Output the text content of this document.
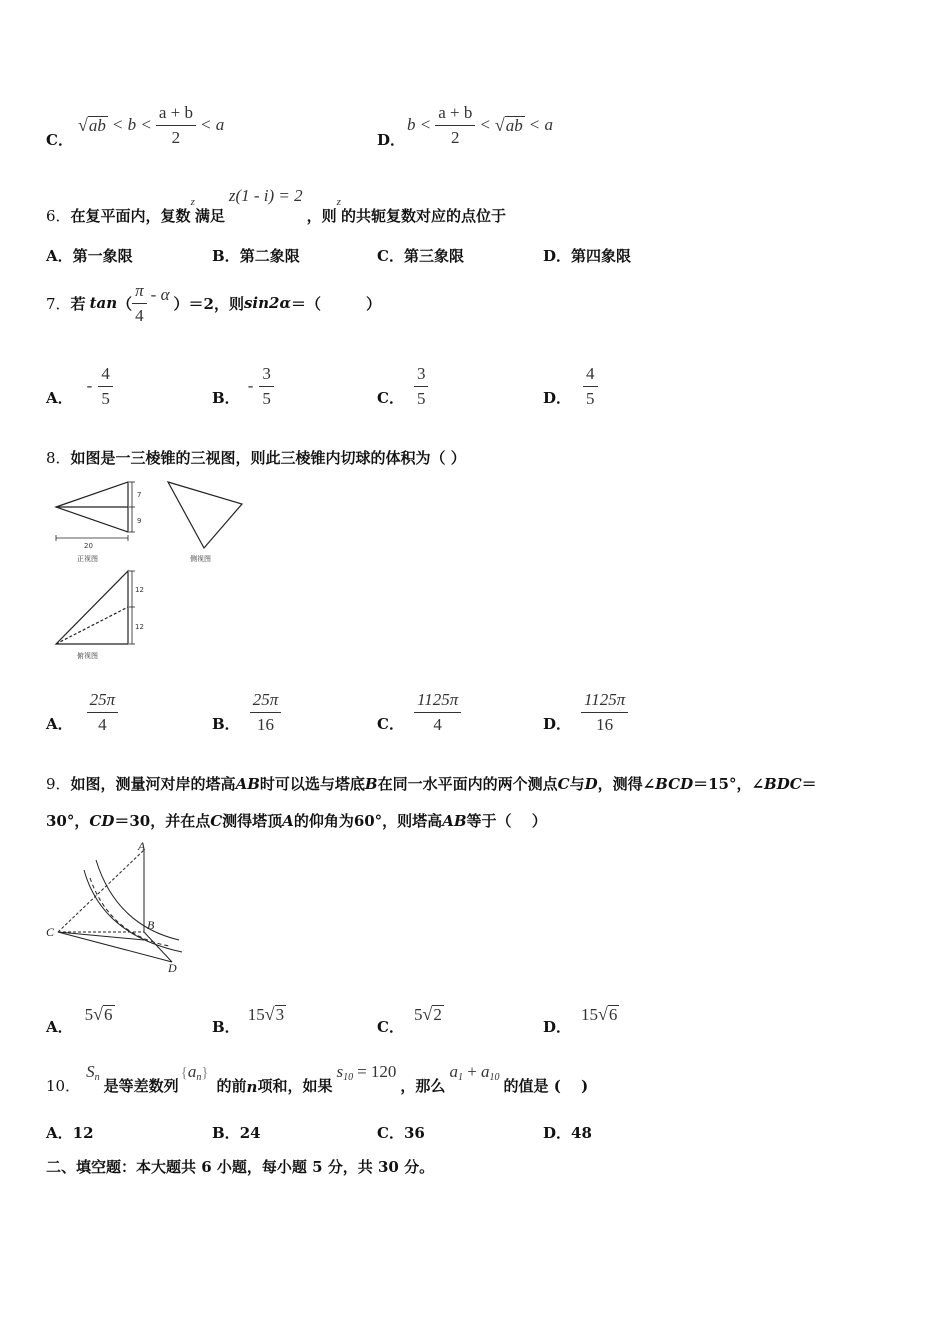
C．
√ ab < $b < \frac{a + b}{2} < a$
D．
$b < \frac{a + b}{2}$ < √ ab < a
6． 在复平面内，复数
z
满足
z(1 - i) = 2
，则
z
的共轭复数对应的点位于
A．第一象限	B．第二象限	C．第三象限	D．第四象限
7． 若 tan （ $\frac{\pi}{4}$ - α ）＝2，则 sin2α ＝（　　　）
A．
- $\frac{4}{5}$	B．
- $\frac{3}{5}$	C． $\frac{3}{5}$	D． $\frac{4}{5}$
8．如图是一三棱锥的三视图，则此三棱锥内切球的体积为（ ）
7
9
20
正视图	侧视图
12
12
俯视图
A． $\frac{25\pi}{4}$	B． $\frac{25\pi}{16}$	C． $\frac{1125\pi}{4}$	D． $\frac{1125\pi}{16}$
9．如图，测量河对岸的塔高AB时可以选与塔底B在同一水平面内的两个测点C与D，测得∠BCD＝15°，∠BDC＝
30°，CD＝30，并在点C测得塔顶A的仰角为60°，则塔高AB等于（　 ）
A
B
C
D
A．
5√6
B．
15√3
C．
5√2
D．
15√6
10．
$S_n$ 是等差数列
$\{a_n\}$
的前 n 项和，如果
$s_{10} = 120$
，那么
$a_1 + a_{10}$ 的值是 (　 )
A．12	B．24	C．36	D．48
二、填空题：本大题共 6 小题，每小题 5 分，共 30 分。
